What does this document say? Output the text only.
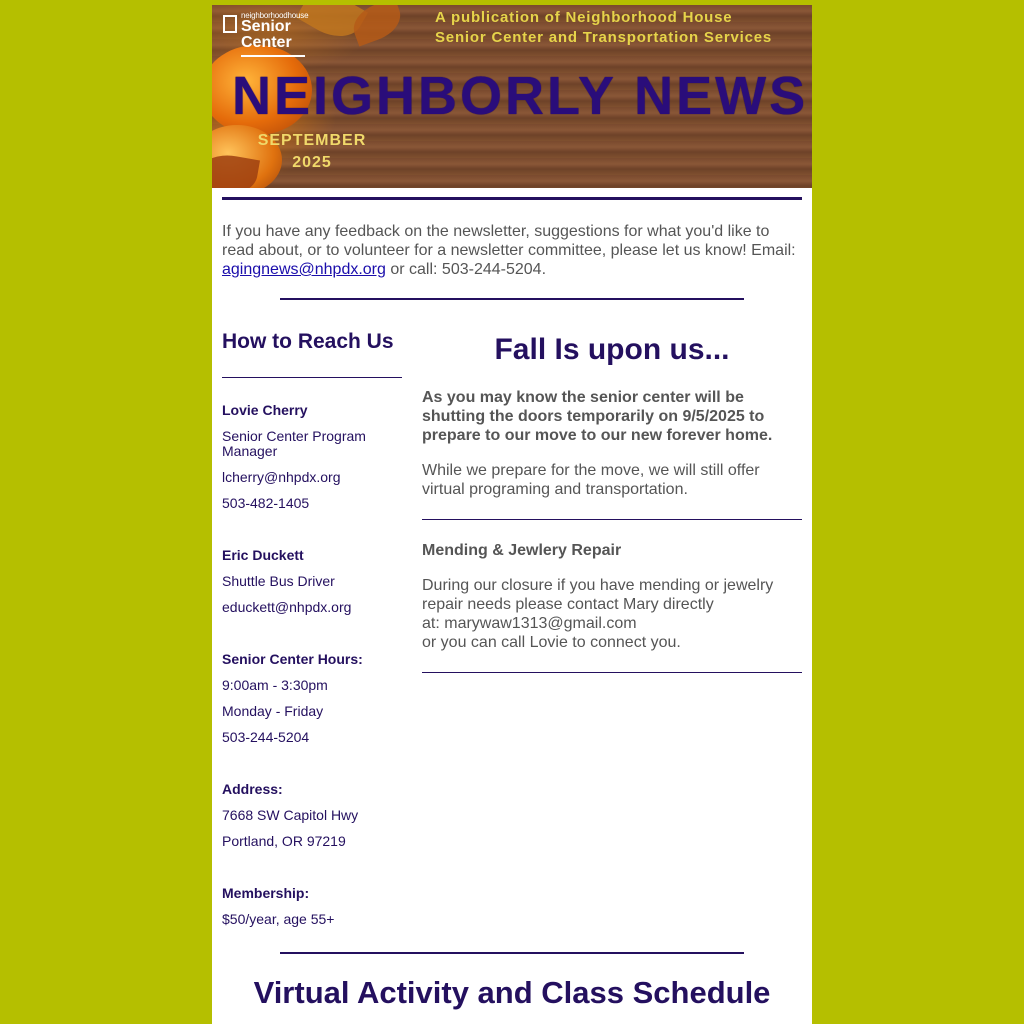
neighborhoodhouse
Senior
Center
A publication of Neighborhood House
Senior Center and Transportation Services
NEIGHBORLY NEWS
SEPTEMBER
2025
If you have any feedback on the newsletter, suggestions for what you'd like to read about, or to volunteer for a newsletter committee, please let us know! Email: agingnews@nhpdx.org or call: 503-244-5204.
How to Reach Us
Lovie Cherry
Senior Center Program Manager
lcherry@nhpdx.org
503-482-1405
Eric Duckett
Shuttle Bus Driver
educkett@nhpdx.org
Senior Center Hours:
9:00am - 3:30pm
Monday - Friday
503-244-5204
Address:
7668 SW Capitol Hwy
Portland, OR 97219
Membership:
$50/year, age 55+
Fall Is upon us...
As you may know the senior center will be shutting the doors temporarily on 9/5/2025 to prepare to our move to our new forever home.
While we prepare for the move, we will still offer virtual programing and transportation.
Mending & Jewlery Repair
During our closure if you have mending or jewelry repair needs please contact Mary directly
at: marywaw1313@gmail.com
or you can call Lovie to connect you.
Virtual Activity and Class Schedule
